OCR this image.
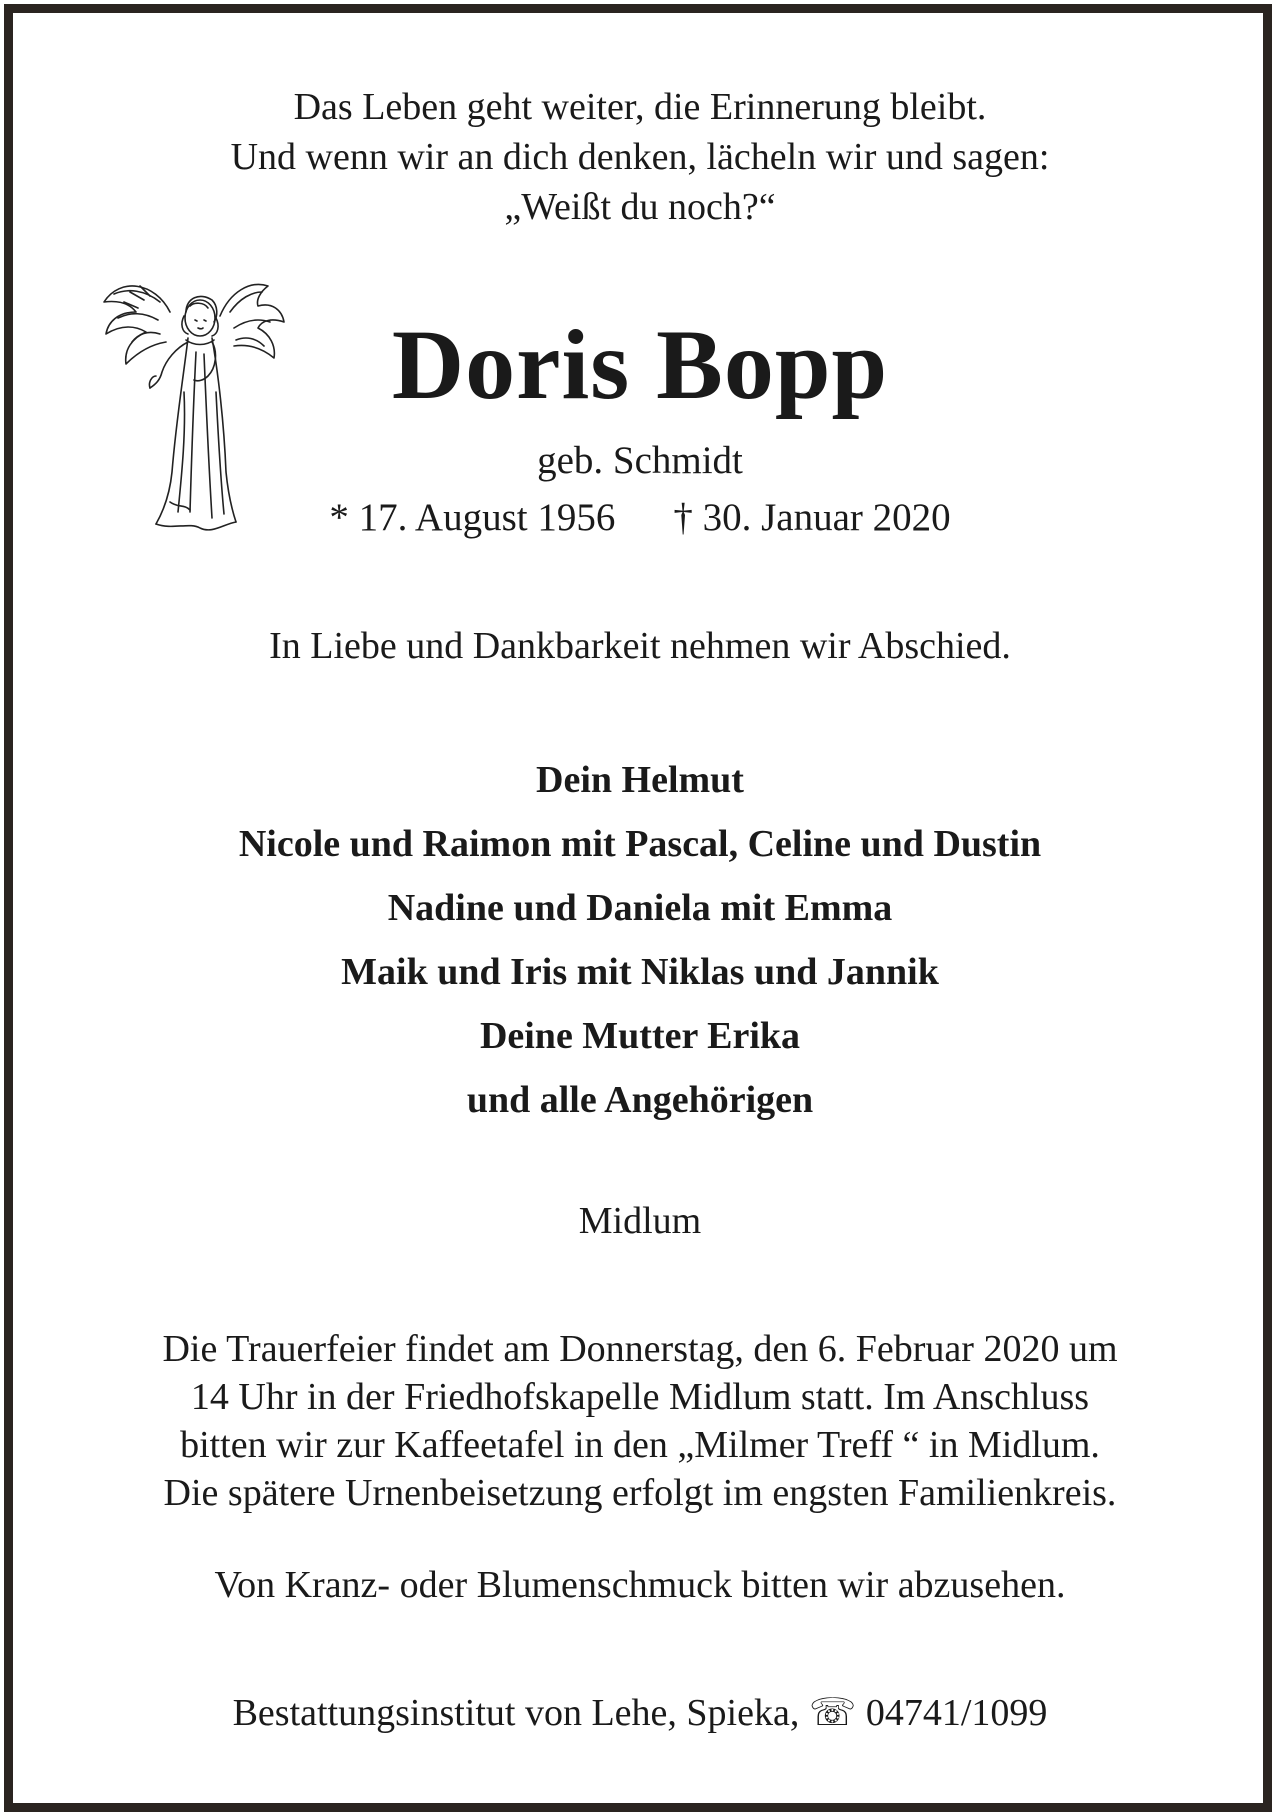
Das Leben geht weiter, die Erinnerung bleibt.
Und wenn wir an dich denken, lächeln wir und sagen:
„Weißt du noch?“
Doris Bopp
geb. Schmidt
* 17. August 1956 † 30. Januar 2020
In Liebe und Dankbarkeit nehmen wir Abschied.
Dein Helmut
Nicole und Raimon mit Pascal, Celine und Dustin
Nadine und Daniela mit Emma
Maik und Iris mit Niklas und Jannik
Deine Mutter Erika
und alle Angehörigen
Midlum
Die Trauerfeier findet am Donnerstag, den 6. Februar 2020 um
14 Uhr in der Friedhofskapelle Midlum statt. Im Anschluss
bitten wir zur Kaffeetafel in den „Milmer Treff “ in Midlum.
Die spätere Urnenbeisetzung erfolgt im engsten Familienkreis.
Von Kranz- oder Blumenschmuck bitten wir abzusehen.
Bestattungsinstitut von Lehe, Spieka, ☏ 04741/1099
